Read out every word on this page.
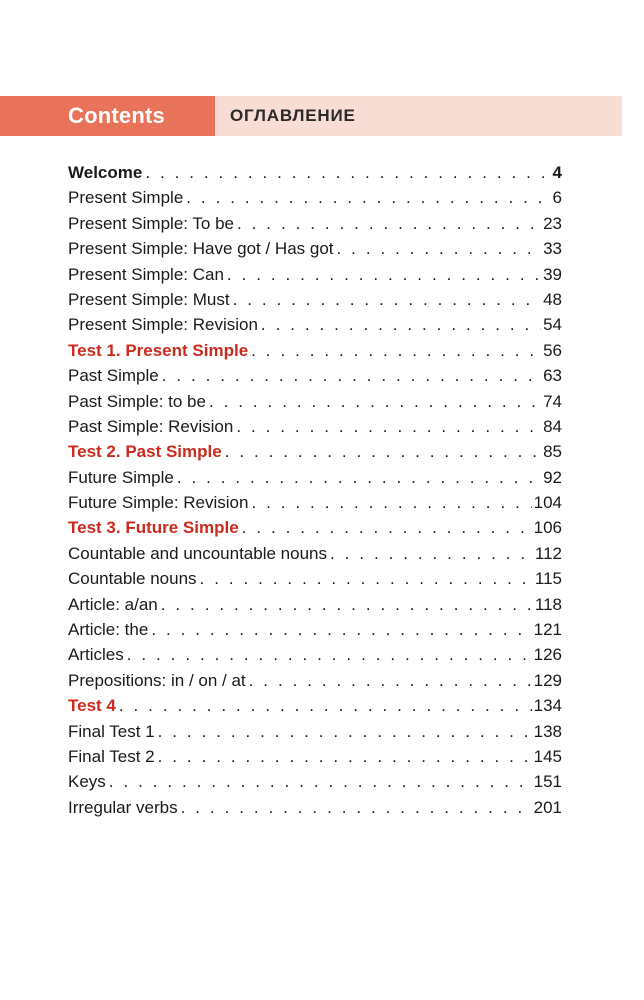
Contents	ОГЛАВЛЕНИЕ
Welcome . . .	4
Present Simple . . .	6
Present Simple: To be . . .	23
Present Simple: Have got / Has got . . .	33
Present Simple: Can . . .	39
Present Simple: Must . . .	48
Present Simple: Revision . . .	54
Test 1. Present Simple . . .	56
Past Simple . . .	63
Past Simple: to be . . .	74
Past Simple: Revision . . .	84
Test 2. Past Simple . . .	85
Future Simple . . .	92
Future Simple: Revision . . .	104
Test 3. Future Simple . . .	106
Countable and uncountable nouns . . .	112
Countable nouns . . .	115
Article: a/an . . .	118
Article: the . . .	121
Articles . . .	126
Prepositions: in / on / at . . .	129
Test 4 . . .	134
Final Test 1 . . .	138
Final Test 2 . . .	145
Keys . . .	151
Irregular verbs . . .	201
